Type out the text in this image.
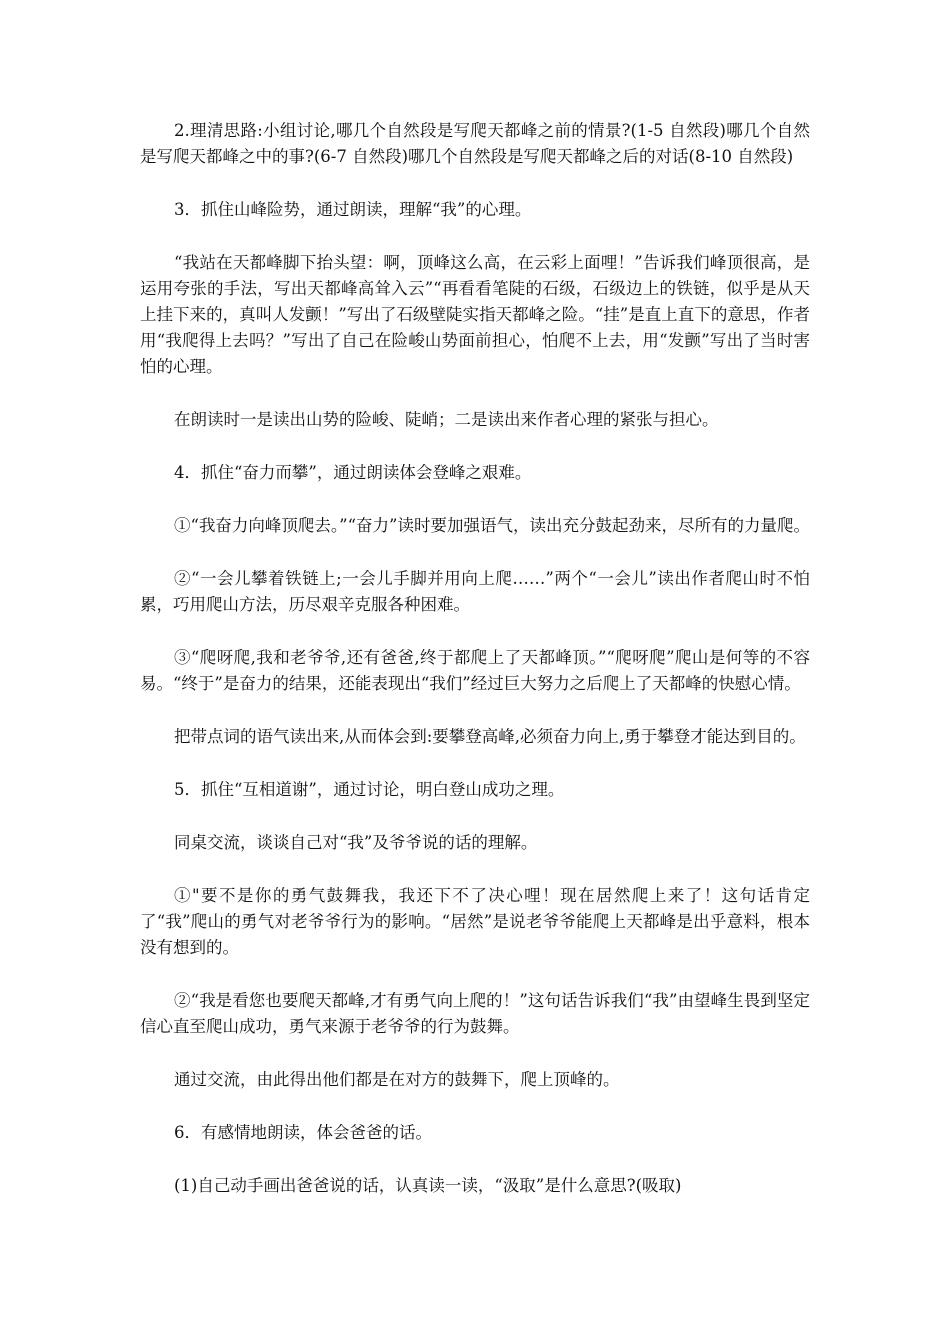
2.理清思路:小组讨论,哪几个自然段是写爬天都峰之前的情景?(1-5 自然段)哪几个自然是写爬天都峰之中的事?(6-7 自然段)哪几个自然段是写爬天都峰之后的对话(8-10 自然段)

3．抓住山峰险势，通过朗读，理解“我”的心理。

“我站在天都峰脚下抬头望：啊，顶峰这么高，在云彩上面哩！”告诉我们峰顶很高，是运用夸张的手法，写出天都峰高耸入云”“再看看笔陡的石级，石级边上的铁链，似乎是从天上挂下来的，真叫人发颤！”写出了石级壁陡实指天都峰之险。“挂”是直上直下的意思，作者用“我爬得上去吗？”写出了自己在险峻山势面前担心，怕爬不上去，用“发颤”写出了当时害怕的心理。

在朗读时一是读出山势的险峻、陡峭；二是读出来作者心理的紧张与担心。

4．抓住“奋力而攀”，通过朗读体会登峰之艰难。

①“我奋力向峰顶爬去。”“奋力”读时要加强语气，读出充分鼓起劲来，尽所有的力量爬。

②“一会儿攀着铁链上;一会儿手脚并用向上爬……”两个“一会儿”读出作者爬山时不怕累，巧用爬山方法，历尽艰辛克服各种困难。

③“爬呀爬,我和老爷爷,还有爸爸,终于都爬上了天都峰顶。”“爬呀爬”爬山是何等的不容易。“终于”是奋力的结果，还能表现出“我们”经过巨大努力之后爬上了天都峰的快慰心情。

把带点词的语气读出来,从而体会到:要攀登高峰,必须奋力向上,勇于攀登才能达到目的。

5．抓住“互相道谢”，通过讨论，明白登山成功之理。

同桌交流，谈谈自己对“我”及爷爷说的话的理解。

①"要不是你的勇气鼓舞我，我还下不了决心哩！现在居然爬上来了！这句话肯定了“我”爬山的勇气对老爷爷行为的影响。“居然”是说老爷爷能爬上天都峰是出乎意料，根本没有想到的。

②“我是看您也要爬天都峰,才有勇气向上爬的！”这句话告诉我们“我”由望峰生畏到坚定信心直至爬山成功，勇气来源于老爷爷的行为鼓舞。

通过交流，由此得出他们都是在对方的鼓舞下，爬上顶峰的。

6．有感情地朗读，体会爸爸的话。

(1)自己动手画出爸爸说的话，认真读一读，“汲取”是什么意思?(吸取)
